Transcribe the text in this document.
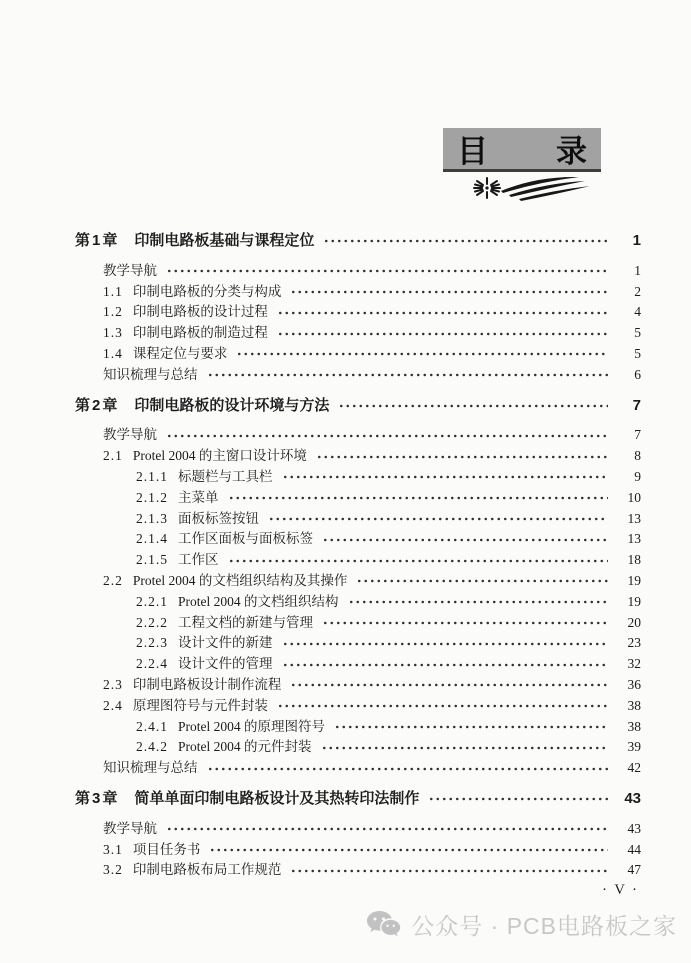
目 录
第1章 印制电路板基础与课程定位	1
教学导航	1
1.1 印制电路板的分类与构成	2
1.2 印制电路板的设计过程	4
1.3 印制电路板的制造过程	5
1.4 课程定位与要求	5
知识梳理与总结	6
第2章 印制电路板的设计环境与方法	7
教学导航	7
2.1 Protel 2004 的主窗口设计环境	8
2.1.1 标题栏与工具栏	9
2.1.2 主菜单	10
2.1.3 面板标签按钮	13
2.1.4 工作区面板与面板标签	13
2.1.5 工作区	18
2.2 Protel 2004 的文档组织结构及其操作	19
2.2.1 Protel 2004 的文档组织结构	19
2.2.2 工程文档的新建与管理	20
2.2.3 设计文件的新建	23
2.2.4 设计文件的管理	32
2.3 印制电路板设计制作流程	36
2.4 原理图符号与元件封装	38
2.4.1 Protel 2004 的原理图符号	38
2.4.2 Protel 2004 的元件封装	39
知识梳理与总结	42
第3章 简单单面印制电路板设计及其热转印法制作	43
教学导航	43
3.1 项目任务书	44
3.2 印制电路板布局工作规范	47
· V ·
公众号 · PCB电路板之家
